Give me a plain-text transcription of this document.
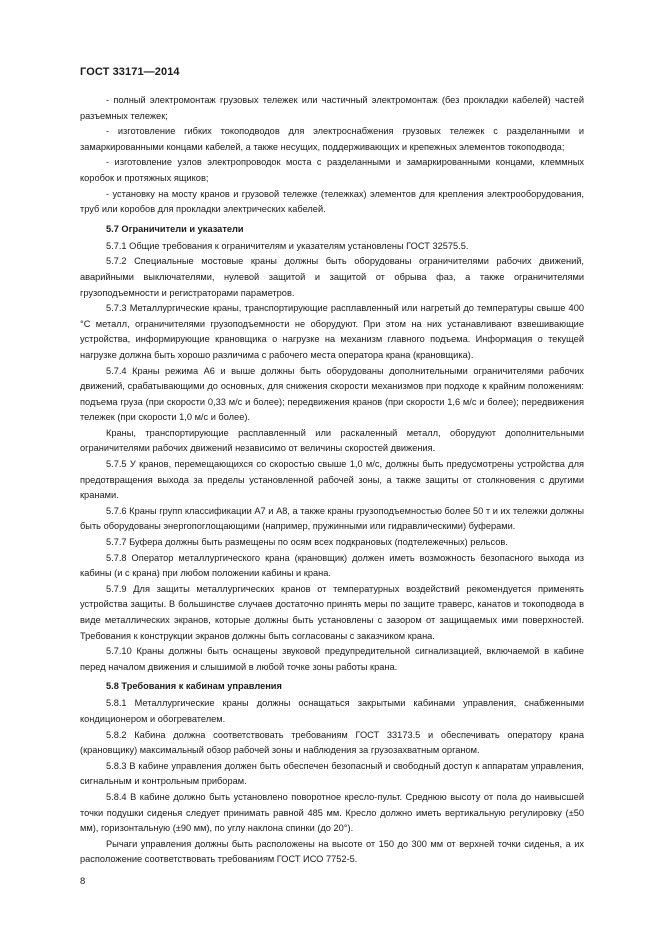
ГОСТ 33171—2014

- полный электромонтаж грузовых тележек или частичный электромонтаж (без прокладки кабелей) частей разъемных тележек;

- изготовление гибких токоподводов для электроснабжения грузовых тележек с разделанными и замаркированными концами кабелей, а также несущих, поддерживающих и крепежных элементов токоподвода;

- изготовление узлов электропроводок моста с разделанными и замаркированными концами, клеммных коробок и протяжных ящиков;

- установку на мосту кранов и грузовой тележке (тележках) элементов для крепления электрооборудования, труб или коробов для прокладки электрических кабелей.

5.7 Ограничители и указатели

5.7.1 Общие требования к ограничителям и указателям установлены ГОСТ 32575.5.

5.7.2 Специальные мостовые краны должны быть оборудованы ограничителями рабочих движений, аварийными выключателями, нулевой защитой и защитой от обрыва фаз, а также ограничителями грузоподъемности и регистраторами параметров.

5.7.3 Металлургические краны, транспортирующие расплавленный или нагретый до температуры свыше 400 °С металл, ограничителями грузоподъемности не оборудуют. При этом на них устанавливают взвешивающие устройства, информирующие крановщика о нагрузке на механизм главного подъема. Информация о текущей нагрузке должна быть хорошо различима с рабочего места оператора крана (крановщика).

5.7.4 Краны режима А6 и выше должны быть оборудованы дополнительными ограничителями рабочих движений, срабатывающими до основных, для снижения скорости механизмов при подходе к крайним положениям: подъема груза (при скорости 0,33 м/с и более); передвижения кранов (при скорости 1,6 м/с и более); передвижения тележек (при скорости 1,0 м/с и более).

Краны, транспортирующие расплавленный или раскаленный металл, оборудуют дополнительными ограничителями рабочих движений независимо от величины скоростей движения.

5.7.5 У кранов, перемещающихся со скоростью свыше 1,0 м/с, должны быть предусмотрены устройства для предотвращения выхода за пределы установленной рабочей зоны, а также защиты от столкновения с другими кранами.

5.7.6 Краны групп классификации А7 и А8, а также краны грузоподъемностью более 50 т и их тележки должны быть оборудованы энергопоглощающими (например, пружинными или гидравлическими) буферами.

5.7.7 Буфера должны быть размещены по осям всех подкрановых (подтележечных) рельсов.

5.7.8 Оператор металлургического крана (крановщик) должен иметь возможность безопасного выхода из кабины (и с крана) при любом положении кабины и крана.

5.7.9 Для защиты металлургических кранов от температурных воздействий рекомендуется применять устройства защиты. В большинстве случаев достаточно принять меры по защите траверс, канатов и токоподвода в виде металлических экранов, которые должны быть установлены с зазором от защищаемых ими поверхностей. Требования к конструкции экранов должны быть согласованы с заказчиком крана.

5.7.10 Краны должны быть оснащены звуковой предупредительной сигнализацией, включаемой в кабине перед началом движения и слышимой в любой точке зоны работы крана.

5.8 Требования к кабинам управления

5.8.1 Металлургические краны должны оснащаться закрытыми кабинами управления, снабженными кондиционером и обогревателем.

5.8.2 Кабина должна соответствовать требованиям ГОСТ 33173.5 и обеспечивать оператору крана (крановщику) максимальный обзор рабочей зоны и наблюдения за грузозахватным органом.

5.8.3 В кабине управления должен быть обеспечен безопасный и свободный доступ к аппаратам управления, сигнальным и контрольным приборам.

5.8.4 В кабине должно быть установлено поворотное кресло-пульт. Среднюю высоту от пола до наивысшей точки подушки сиденья следует принимать равной 485 мм. Кресло должно иметь вертикальную регулировку (±50 мм), горизонтальную (±90 мм), по углу наклона спинки (до 20°).

Рычаги управления должны быть расположены на высоте от 150 до 300 мм от верхней точки сиденья, а их расположение соответствовать требованиям ГОСТ ИСО 7752-5.

8
